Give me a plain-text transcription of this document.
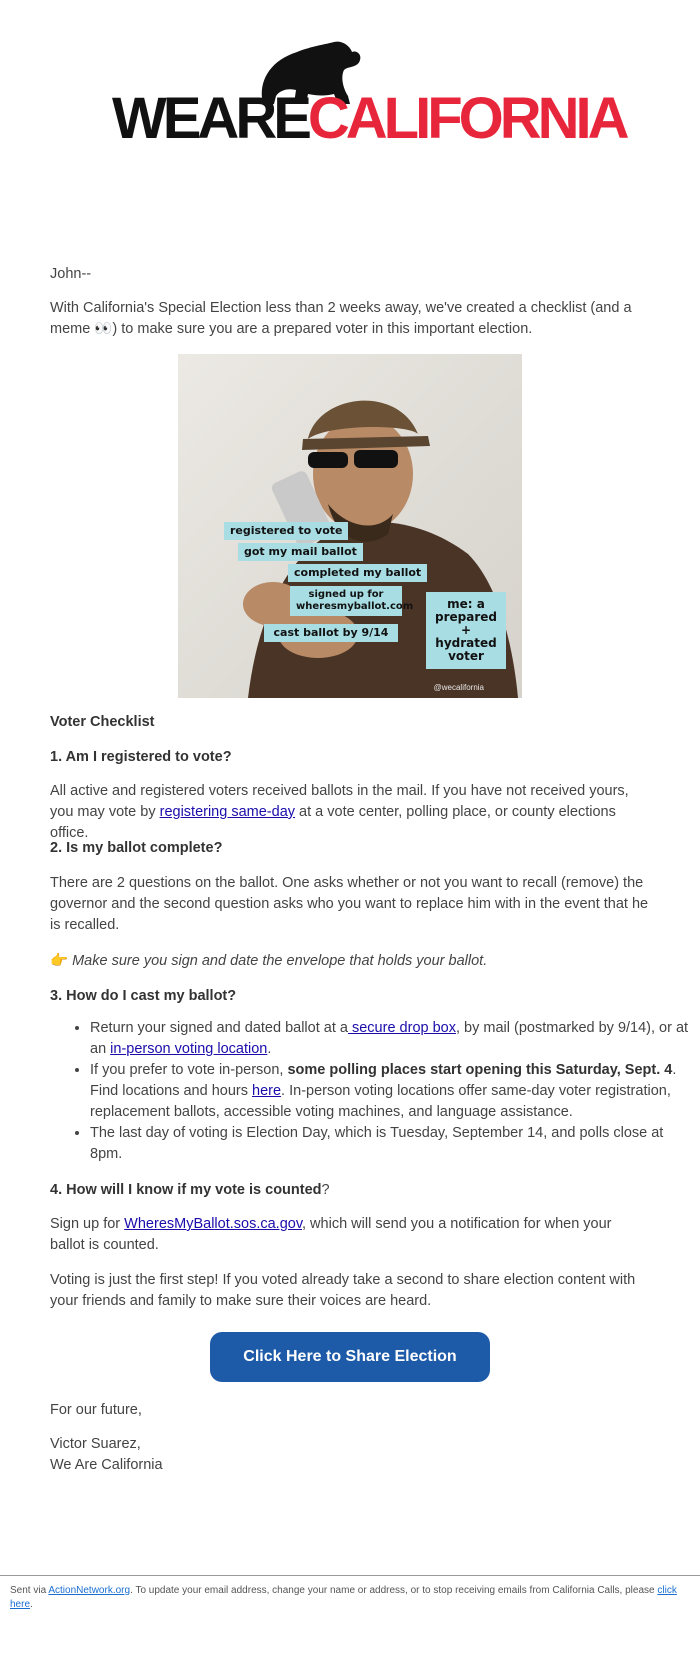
WEARECALIFORNIA

John--

With California's Special Election less than 2 weeks away, we've created a checklist (and a meme 👀) to make sure you are a prepared voter in this important election.

registered to vote
got my mail ballot
completed my ballot
signed up for wheresmyballot.com
cast ballot by 9/14
me: a prepared + hydrated voter
@wecalifornia

Voter Checklist

1. Am I registered to vote?

All active and registered voters received ballots in the mail. If you have not received yours, you may vote by registering same-day at a vote center, polling place, or county elections office.

2. Is my ballot complete?

There are 2 questions on the ballot. One asks whether or not you want to recall (remove) the governor and the second question asks who you want to replace him with in the event that he is recalled.

👉 Make sure you sign and date the envelope that holds your ballot.

3. How do I cast my ballot?

• Return your signed and dated ballot at a secure drop box, by mail (postmarked by 9/14), or at an in-person voting location.
• If you prefer to vote in-person, some polling places start opening this Saturday, Sept. 4. Find locations and hours here. In-person voting locations offer same-day voter registration, replacement ballots, accessible voting machines, and language assistance.
• The last day of voting is Election Day, which is Tuesday, September 14, and polls close at 8pm.

4. How will I know if my vote is counted?

Sign up for WheresMyBallot.sos.ca.gov, which will send you a notification for when your ballot is counted.

Voting is just the first step! If you voted already take a second to share election content with your friends and family to make sure their voices are heard.

Click Here to Share Election Content!

For our future,

Victor Suarez,

We Are California

Sent via ActionNetwork.org. To update your email address, change your name or address, or to stop receiving emails from California Calls, please click here.
